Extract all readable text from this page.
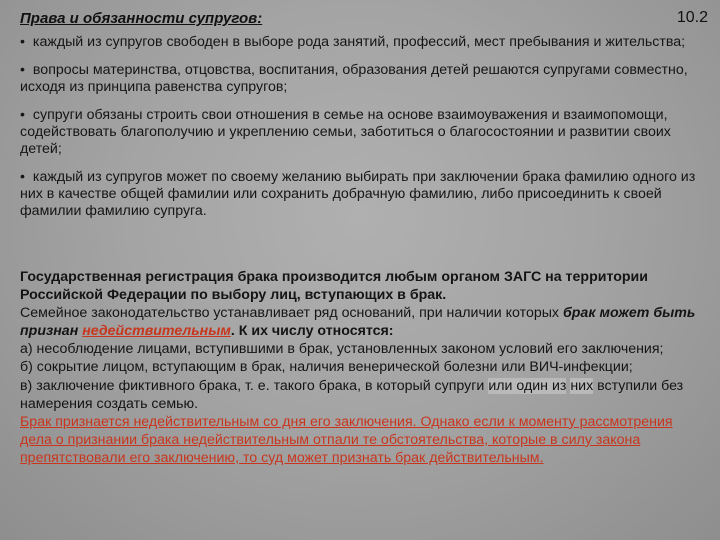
Права и обязанности супругов:	10.2
• каждый из супругов свободен в выборе рода занятий, профессий, мест пребывания и жительства;
• вопросы материнства, отцовства, воспитания, образования детей решаются супругами совместно, исходя из принципа равенства супругов;
• супруги обязаны строить свои отношения в семье на основе взаимоуважения и взаимопомощи, содействовать благополучию и укреплению семьи, заботиться о благосостоянии и развитии своих детей;
• каждый из супругов может по своему желанию выбирать при заключении брака фамилию одного из них в качестве общей фамилии или сохранить добрачную фамилию, либо присоединить к своей фамилии фамилию супруга.
Государственная регистрация брака производится любым органом ЗАГС на территории Российской Федерации по выбору лиц, вступающих в брак.
Семейное законодательство устанавливает ряд оснований, при наличии которых брак может быть признан недействительным. К их числу относятся:
а) несоблюдение лицами, вступившими в брак, установленных законом условий его заключения;
б) сокрытие лицом, вступающим в брак, наличия венерической болезни или ВИЧ-инфекции;
в) заключение фиктивного брака, т. е. такого брака, в который супруги или один из них вступили без намерения создать семью.
Брак признается недействительным со дня его заключения. Однако если к моменту рассмотрения дела о признании брака недействительным отпали те обстоятельства, которые в силу закона препятствовали его заключению, то суд может признать брак действительным.
